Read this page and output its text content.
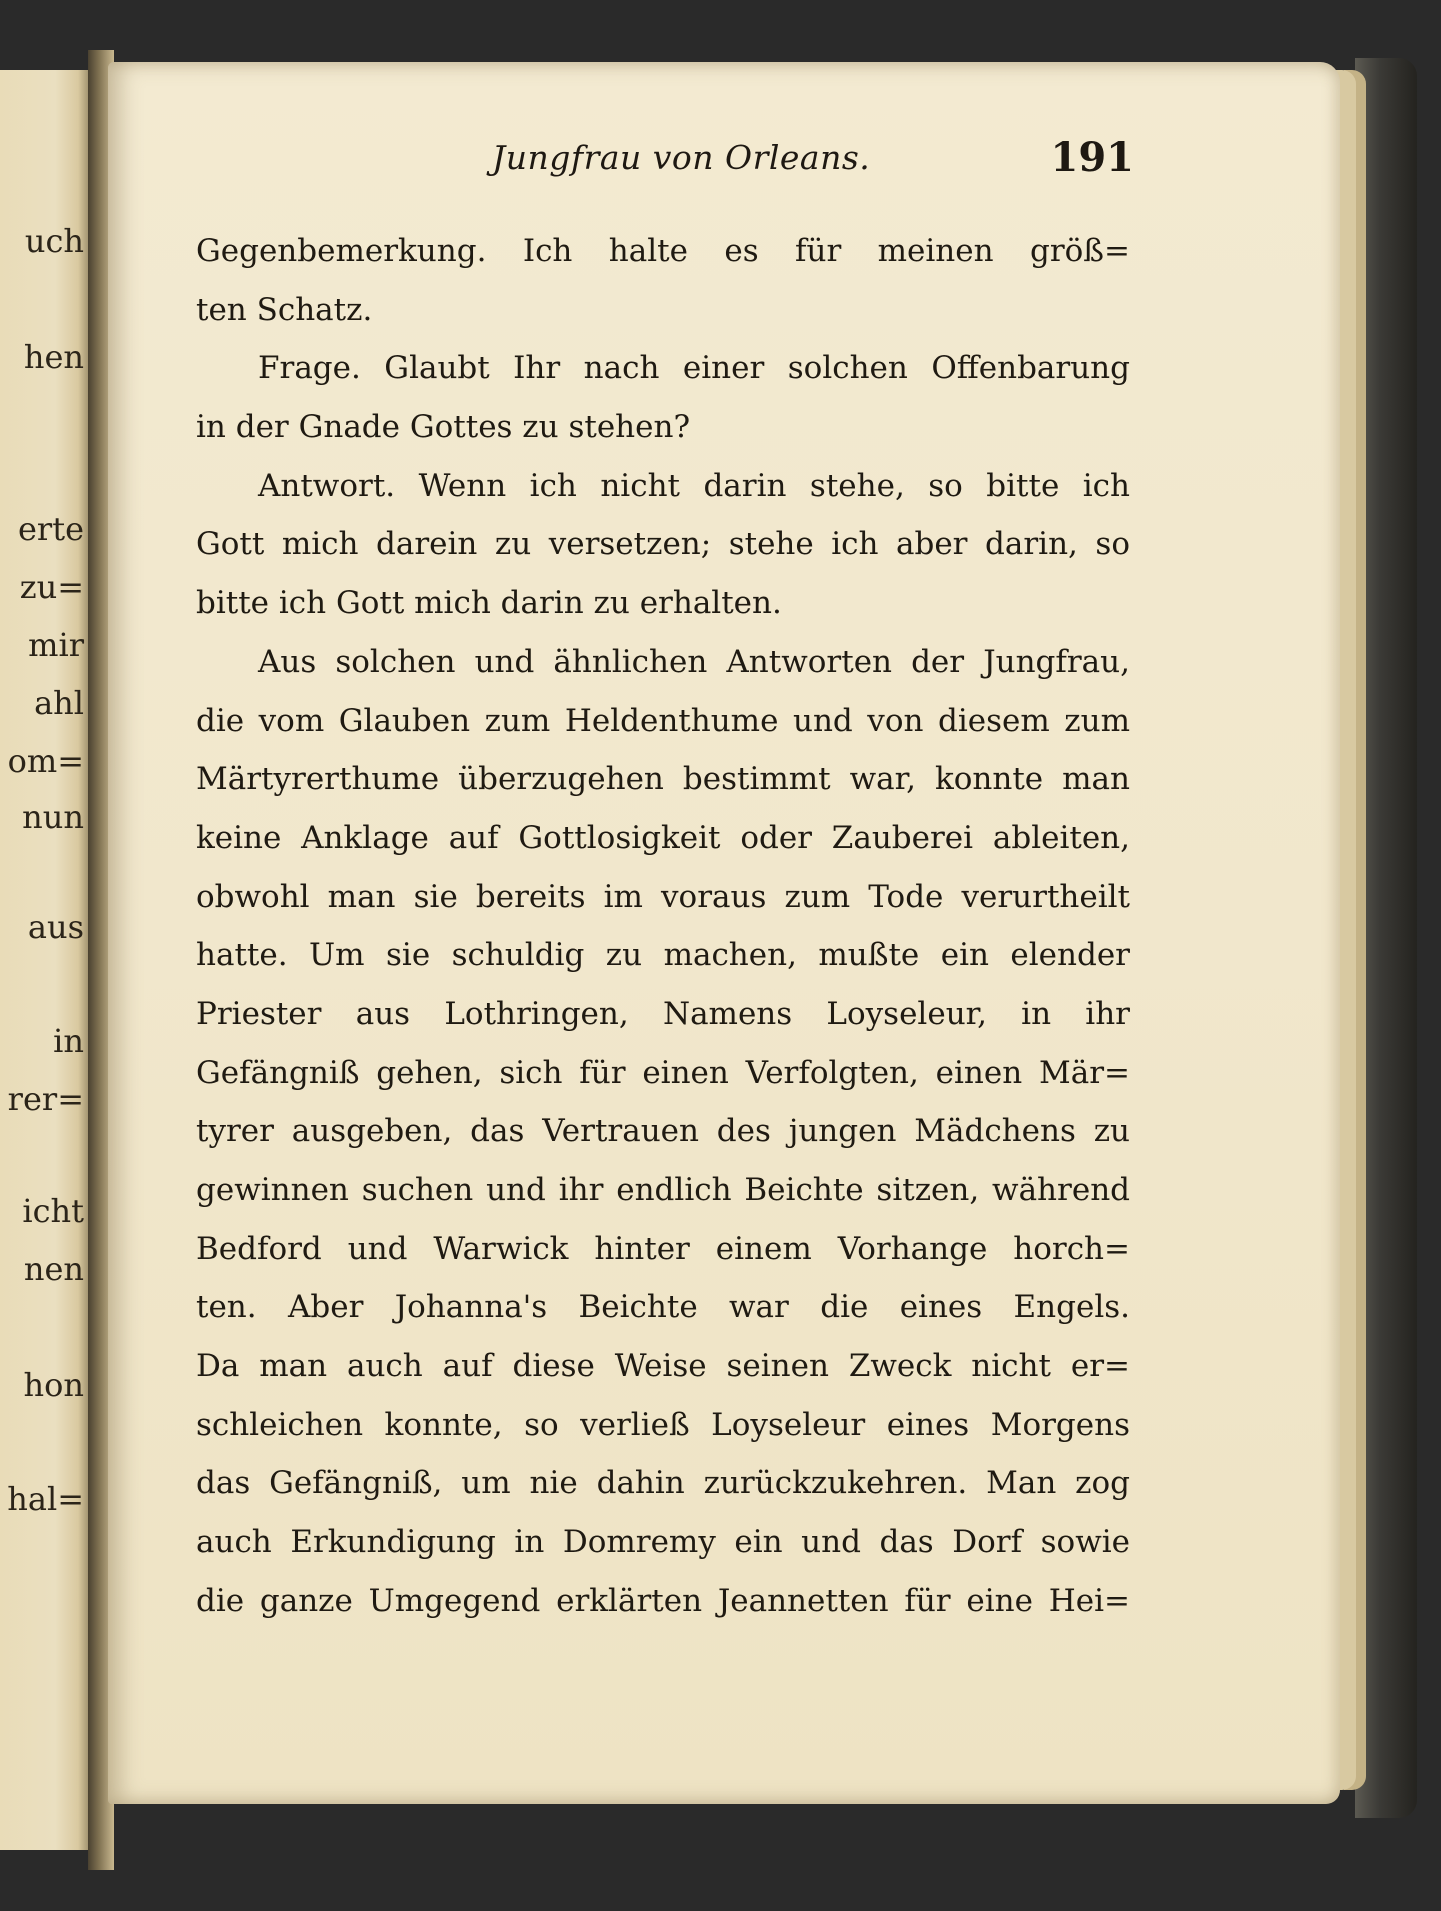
uch
hen
erte
zu=
mir
ahl
om=
nun
aus
in
rer=
icht
nen
hon
hal=
Jungfrau von Orleans.	191
Gegenbemerkung. Ich halte es für meinen größ=
ten Schatz.
Frage. Glaubt Ihr nach einer solchen Offenbarung
in der Gnade Gottes zu stehen?
Antwort. Wenn ich nicht darin stehe, so bitte ich
Gott mich darein zu versetzen; stehe ich aber darin, so
bitte ich Gott mich darin zu erhalten.
Aus solchen und ähnlichen Antworten der Jungfrau,
die vom Glauben zum Heldenthume und von diesem zum
Märtyrerthume überzugehen bestimmt war, konnte man
keine Anklage auf Gottlosigkeit oder Zauberei ableiten,
obwohl man sie bereits im voraus zum Tode verurtheilt
hatte. Um sie schuldig zu machen, mußte ein elender
Priester aus Lothringen, Namens Loyseleur, in ihr
Gefängniß gehen, sich für einen Verfolgten, einen Mär=
tyrer ausgeben, das Vertrauen des jungen Mädchens zu
gewinnen suchen und ihr endlich Beichte sitzen, während
Bedford und Warwick hinter einem Vorhange horch=
ten. Aber Johanna's Beichte war die eines Engels.
Da man auch auf diese Weise seinen Zweck nicht er=
schleichen konnte, so verließ Loyseleur eines Morgens
das Gefängniß, um nie dahin zurückzukehren. Man zog
auch Erkundigung in Domremy ein und das Dorf sowie
die ganze Umgegend erklärten Jeannetten für eine Hei=
